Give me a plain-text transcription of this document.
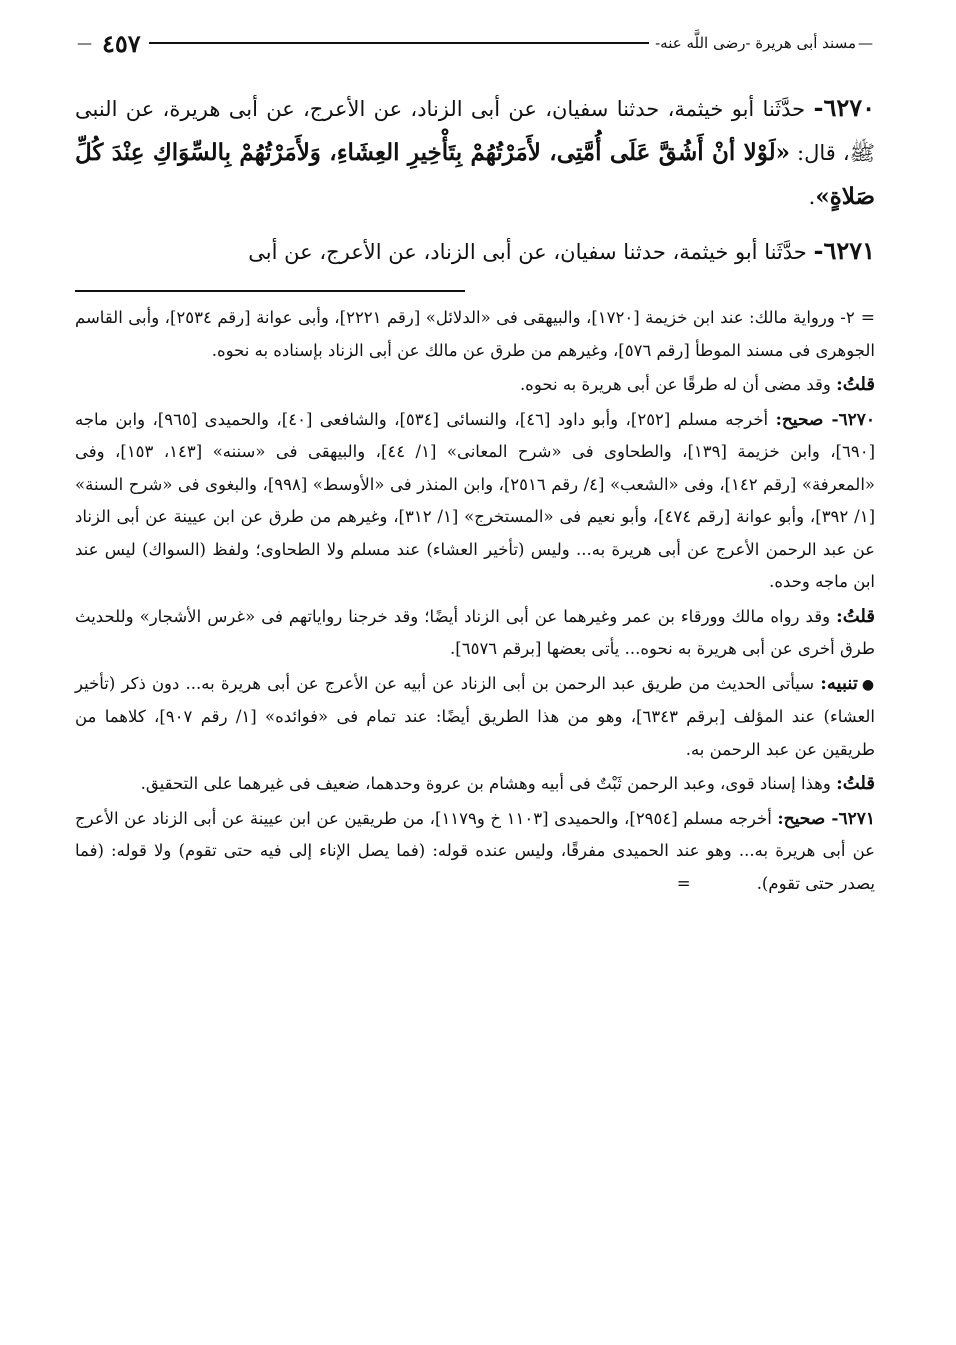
—
مسند أبى هريرة -رضى اللَّه عنه-
٤٥٧
—

٦٢٧٠- حدَّثَنا أبو خيثمة، حدثنا سفيان، عن أبى الزناد، عن الأعرج، عن أبى هريرة، عن النبى ﷺ، قال: «لَوْلا أنْ أَشُقَّ عَلَى أُمَّتِى، لأَمَرْتُهُمْ بِتَأْخِيرِ العِشَاءِ، وَلأَمَرْتُهُمْ بِالسِّوَاكِ عِنْدَ كُلِّ صَلاةٍ».

٦٢٧١- حدَّثَنا أبو خيثمة، حدثنا سفيان، عن أبى الزناد، عن الأعرج، عن أبى

=٢- ورواية مالك: عند ابن خزيمة [١٧٢٠]، والبيهقى فى «الدلائل» [رقم ٢٢٢١]، وأبى عوانة [رقم ٢٥٣٤]، وأبى القاسم الجوهرى فى مسند الموطأ [رقم ٥٧٦]، وغيرهم من طرق عن مالك عن أبى الزناد بإسناده به نحوه.

قلتُ: وقد مضى أن له طرقًا عن أبى هريرة به نحوه.

٦٢٧٠- صحيح: أخرجه مسلم [٢٥٢]، وأبو داود [٤٦]، والنسائى [٥٣٤]، والشافعى [٤٠]، والحميدى [٩٦٥]، وابن ماجه [٦٩٠]، وابن خزيمة [١٣٩]، والطحاوى فى «شرح المعانى» [١/ ٤٤]، والبيهقى فى «سننه» [١٤٣، ١٥٣]، وفى «المعرفة» [رقم ١٤٢]، وفى «الشعب» [٤/ رقم ٢٥١٦]، وابن المنذر فى «الأوسط» [٩٩٨]، والبغوى فى «شرح السنة» [١/ ٣٩٢]، وأبو عوانة [رقم ٤٧٤]، وأبو نعيم فى «المستخرج» [١/ ٣١٢]، وغيرهم من طرق عن ابن عيينة عن أبى الزناد عن عبد الرحمن الأعرج عن أبى هريرة به... وليس (تأخير العشاء) عند مسلم ولا الطحاوى؛ ولفظ (السواك) ليس عند ابن ماجه وحده.

قلتُ: وقد رواه مالك وورقاء بن عمر وغيرهما عن أبى الزناد أيضًا؛ وقد خرجنا رواياتهم فى «غرس الأشجار» وللحديث طرق أخرى عن أبى هريرة به نحوه... يأتى بعضها [برقم ٦٥٧٦].

●تنبيه: سيأتى الحديث من طريق عبد الرحمن بن أبى الزناد عن أبيه عن الأعرج عن أبى هريرة به... دون ذكر (تأخير العشاء) عند المؤلف [برقم ٦٣٤٣]، وهو من هذا الطريق أيضًا: عند تمام فى «فوائده» [١/ رقم ٩٠٧]، كلاهما من طريقين عن عبد الرحمن به.

قلتُ: وهذا إسناد قوى، وعبد الرحمن ثَبْتٌ فى أبيه وهشام بن عروة وحدهما، ضعيف فى غيرهما على التحقيق.

٦٢٧١- صحيح: أخرجه مسلم [٢٩٥٤]، والحميدى [١١٠٣ خ و١١٧٩]، من طريقين عن ابن عيينة عن أبى الزناد عن الأعرج عن أبى هريرة به... وهو عند الحميدى مفرقًا، وليس عنده قوله: (فما يصل الإناء إلى فيه حتى تقوم) ولا قوله: (فما يصدر حتى تقوم).=
